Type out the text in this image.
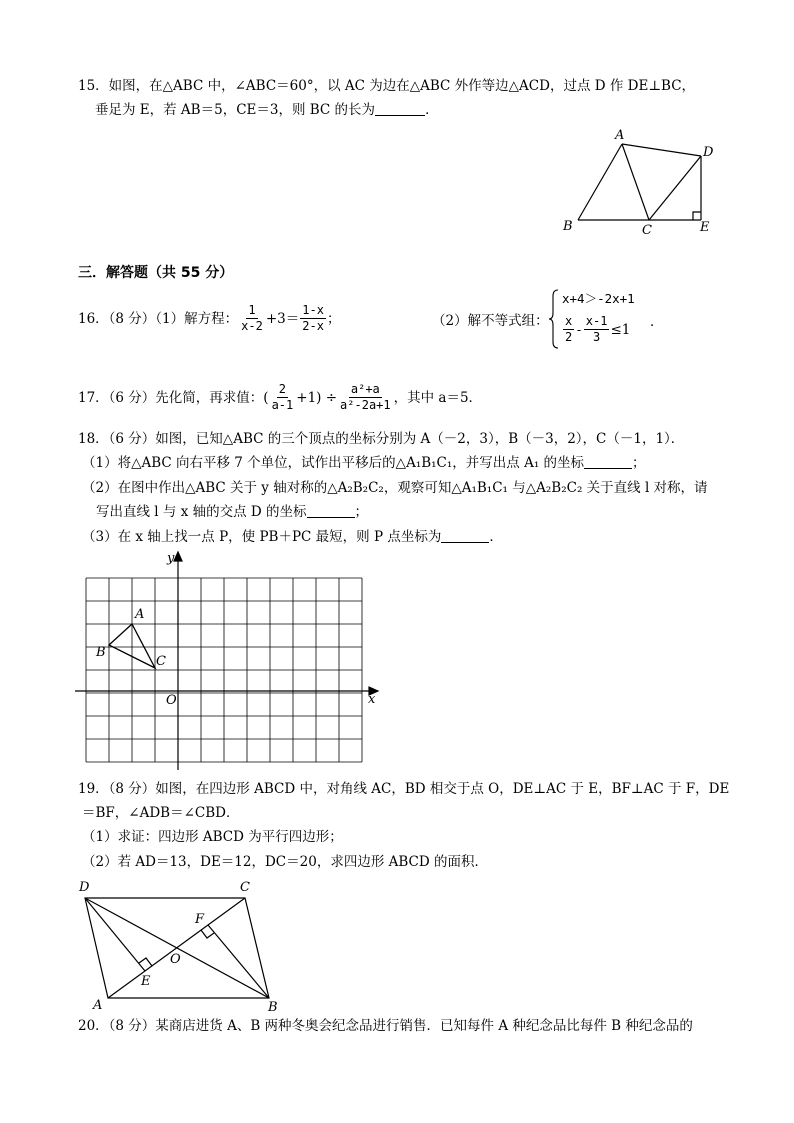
15．如图，在△ABC 中，∠ABC＝60°，以 AC 为边在△ABC 外作等边△ACD，过点 D 作 DE⊥BC，
垂足为 E，若 AB＝5，CE＝3，则 BC 的长为	．
A
D
B	C	E
三．解答题（共 55 分）
16．（8 分）（1）解方程： $\frac{1}{x-2} +3= \frac{1-x}{2-x}$ ；	（2）解不等式组：
x+4＞-2x+1
$\frac{x}{2} - \frac{x-1}{3} \le 1$ ．
17．（6 分）先化简，再求值：( $\frac{2}{a-1} +1) \div \frac{\text{a²+a}}{\text{a²-2a+1}}$ ，其中 a＝5．
18．（6 分）如图，已知△ABC 的三个顶点的坐标分别为 A（－2，3），B（－3，2），C（－1，1）．
（1）将△ABC 向右平移 7 个单位，试作出平移后的△A₁B₁C₁，并写出点 A₁ 的坐标	；
（2）在图中作出△ABC 关于 y 轴对称的△A₂B₂C₂，观察可知△A₁B₁C₁ 与△A₂B₂C₂ 关于直线 l 对称，请
写出直线 l 与 x 轴的交点 D 的坐标	；
（3）在 x 轴上找一点 P，使 PB＋PC 最短，则 P 点坐标为	．
A
B
C
O	x
y
19．（8 分）如图，在四边形 ABCD 中，对角线 AC，BD 相交于点 O，DE⊥AC 于 E，BF⊥AC 于 F，DE
＝BF，∠ADB＝∠CBD．
（1）求证：四边形 ABCD 为平行四边形；
（2）若 AD＝13，DE＝12，DC＝20，求四边形 ABCD 的面积．
D	C
F
O
E
A	B
20．（8 分）某商店进货 A、B 两种冬奥会纪念品进行销售．已知每件 A 种纪念品比每件 B 种纪念品的
